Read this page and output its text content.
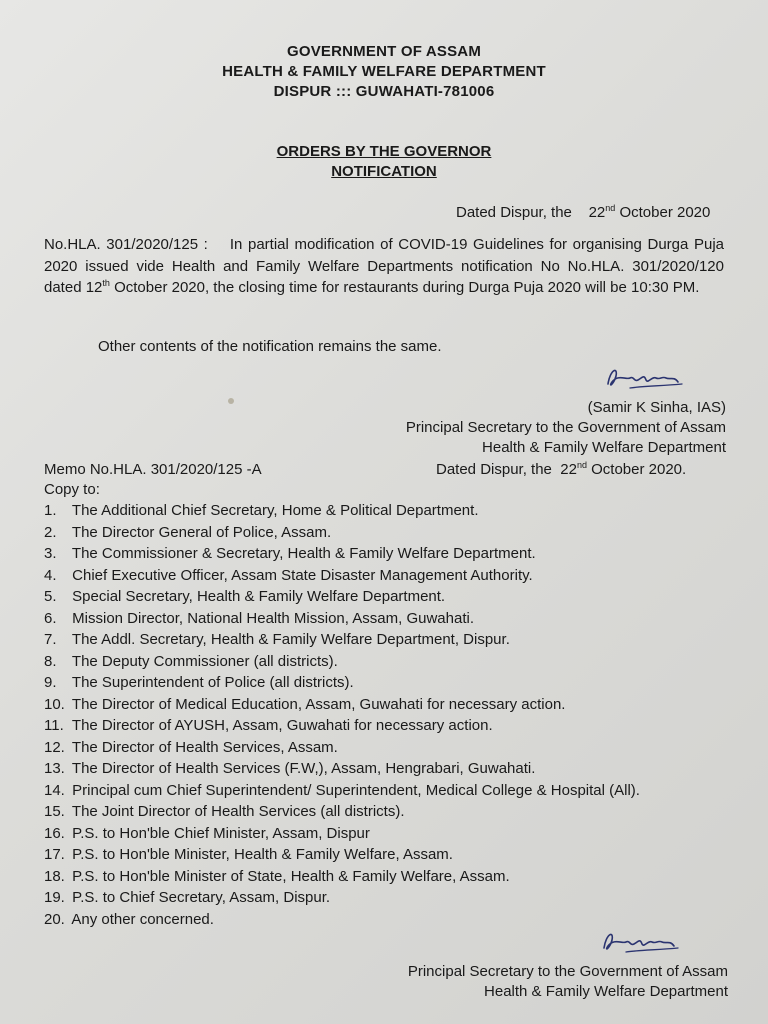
GOVERNMENT OF ASSAM
HEALTH & FAMILY WELFARE DEPARTMENT
DISPUR ::: GUWAHATI-781006
ORDERS BY THE GOVERNOR
NOTIFICATION
Dated Dispur, the 22nd October 2020
No.HLA. 301/2020/125 : In partial modification of COVID-19 Guidelines for organising Durga Puja 2020 issued vide Health and Family Welfare Departments notification No No.HLA. 301/2020/120 dated 12th October 2020, the closing time for restaurants during Durga Puja 2020 will be 10:30 PM.
Other contents of the notification remains the same.
(Samir K Sinha, IAS)
Principal Secretary to the Government of Assam
Health & Family Welfare Department
Memo No.HLA. 301/2020/125 -A	Dated Dispur, the 22nd October 2020.
Copy to:
1. The Additional Chief Secretary, Home & Political Department.
2. The Director General of Police, Assam.
3. The Commissioner & Secretary, Health & Family Welfare Department.
4. Chief Executive Officer, Assam State Disaster Management Authority.
5. Special Secretary, Health & Family Welfare Department.
6. Mission Director, National Health Mission, Assam, Guwahati.
7. The Addl. Secretary, Health & Family Welfare Department, Dispur.
8. The Deputy Commissioner (all districts).
9. The Superintendent of Police (all districts).
10. The Director of Medical Education, Assam, Guwahati for necessary action.
11. The Director of AYUSH, Assam, Guwahati for necessary action.
12. The Director of Health Services, Assam.
13. The Director of Health Services (F.W,), Assam, Hengrabari, Guwahati.
14. Principal cum Chief Superintendent/ Superintendent, Medical College & Hospital (All).
15. The Joint Director of Health Services (all districts).
16. P.S. to Hon'ble Chief Minister, Assam, Dispur
17. P.S. to Hon'ble Minister, Health & Family Welfare, Assam.
18. P.S. to Hon'ble Minister of State, Health & Family Welfare, Assam.
19. P.S. to Chief Secretary, Assam, Dispur.
20. Any other concerned.
Principal Secretary to the Government of Assam
Health & Family Welfare Department
